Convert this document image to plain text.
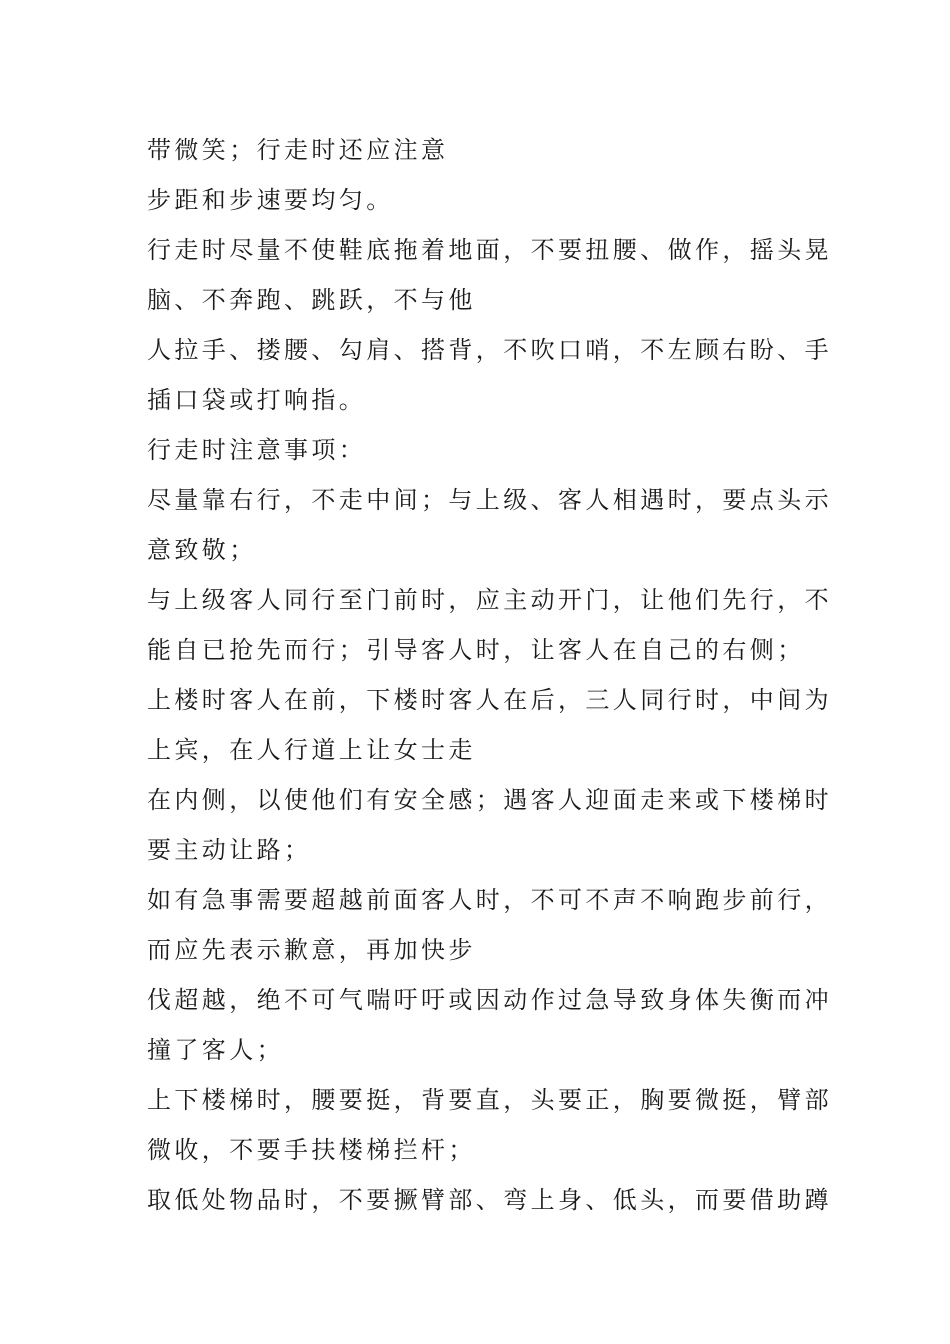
带微笑；行走时还应注意
步距和步速要均匀。
行走时尽量不使鞋底拖着地面，不要扭腰、做作，摇头晃
脑、不奔跑、跳跃，不与他
人拉手、搂腰、勾肩、搭背，不吹口哨，不左顾右盼、手
插口袋或打响指。
行走时注意事项：
尽量靠右行，不走中间；与上级、客人相遇时，要点头示
意致敬；
与上级客人同行至门前时，应主动开门，让他们先行，不
能自已抢先而行；引导客人时，让客人在自己的右侧；
上楼时客人在前，下楼时客人在后，三人同行时，中间为
上宾，在人行道上让女士走
在内侧，以使他们有安全感；遇客人迎面走来或下楼梯时
要主动让路；
如有急事需要超越前面客人时，不可不声不响跑步前行，
而应先表示歉意，再加快步
伐超越，绝不可气喘吁吁或因动作过急导致身体失衡而冲
撞了客人；
上下楼梯时，腰要挺，背要直，头要正，胸要微挺，臂部
微收，不要手扶楼梯拦杆；
取低处物品时，不要撅臂部、弯上身、低头，而要借助蹲
